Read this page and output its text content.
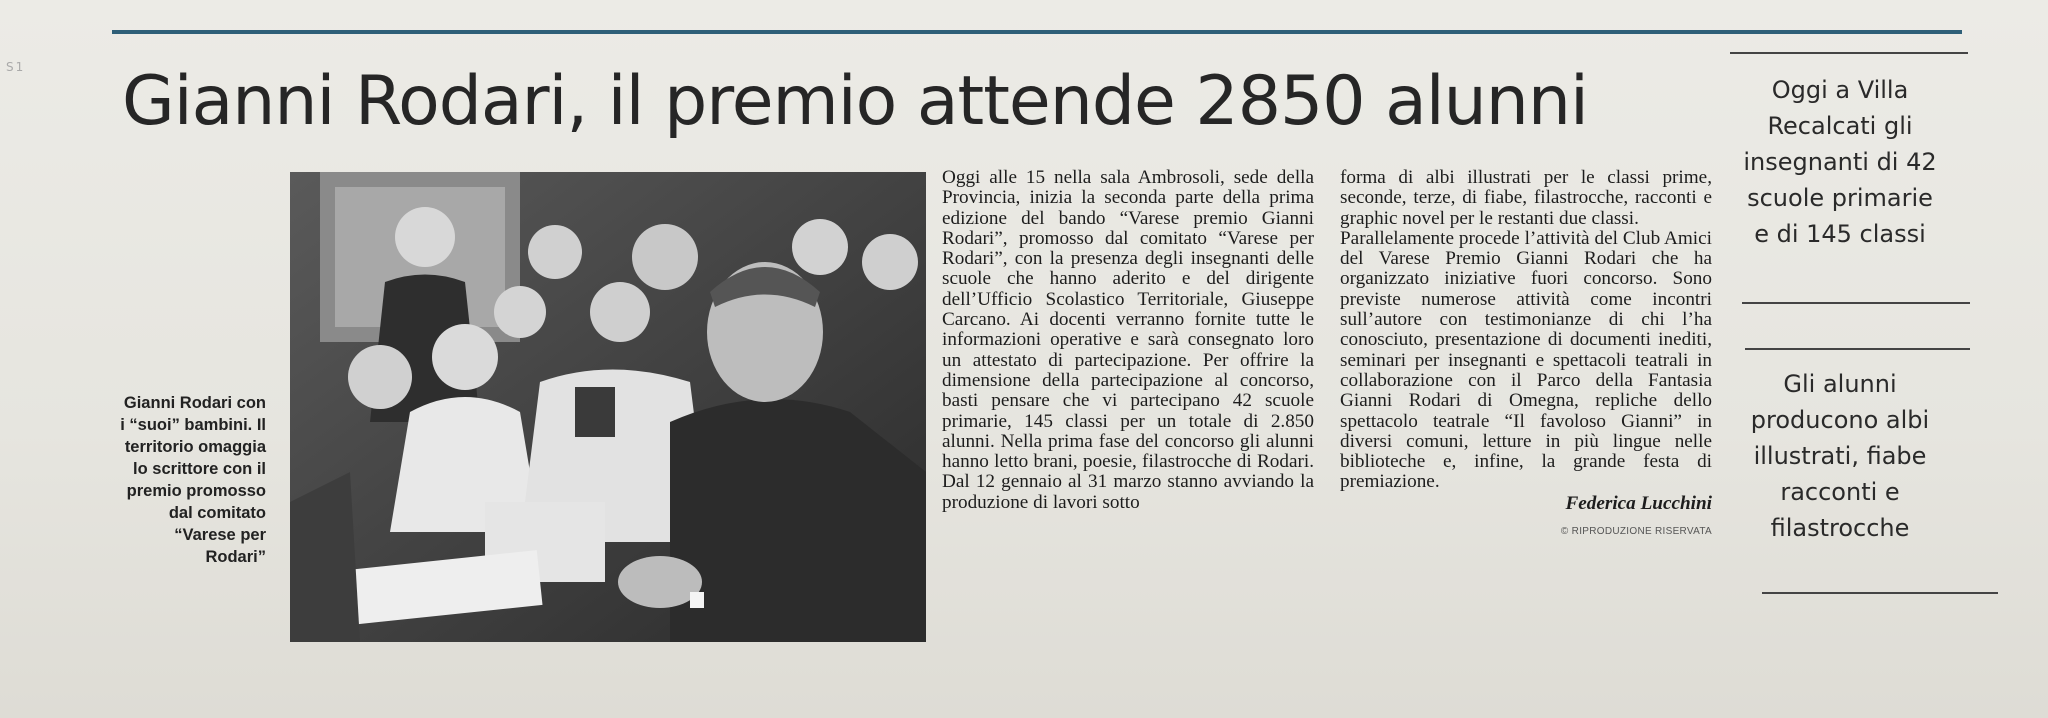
S1 Gianni Rodari, il premio attende 2850 alunni
Gianni Rodari con i “suoi” bambini. Il territorio omaggia lo scrittore con il premio promosso dal comitato “Varese per Rodari”

Oggi alle 15 nella sala Ambrosoli, sede della Provincia, inizia la seconda parte della prima edizione del bando “Varese premio Gianni Rodari”, promosso dal comitato “Varese per Rodari”, con la presenza degli insegnanti delle scuole che hanno aderito e del dirigente dell’Ufficio Scolastico Territoriale, Giuseppe Carcano. Ai docenti verranno fornite tutte le informazioni operative e sarà consegnato loro un attestato di partecipazione. Per offrire la dimensione della partecipazione al concorso, basti pensare che vi partecipano 42 scuole primarie, 145 classi per un totale di 2.850 alunni. Nella prima fase del concorso gli alunni hanno letto brani, poesie, filastrocche di Rodari. Dal 12 gennaio al 31 marzo stanno avviando la produzione di lavori sotto

forma di albi illustrati per le classi prime, seconde, terze, di fiabe, filastrocche, racconti e graphic novel per le restanti due classi.

Parallelamente procede l’attività del Club Amici del Varese Premio Gianni Rodari che ha organizzato iniziative fuori concorso. Sono previste numerose attività come incontri sull’autore con testimonianze di chi l’ha conosciuto, presentazione di documenti inediti, seminari per insegnanti e spettacoli teatrali in collaborazione con il Parco della Fantasia Gianni Rodari di Omegna, repliche dello spettacolo teatrale “Il favoloso Gianni” in diversi comuni, letture in più lingue nelle biblioteche e, infine, la grande festa di premiazione.

Federica Lucchini
© RIPRODUZIONE RISERVATA
Oggi a Villa Recalcati gli insegnanti di 42 scuole primarie e di 145 classi
Gli alunni producono albi illustrati, fiabe racconti e filastrocche
